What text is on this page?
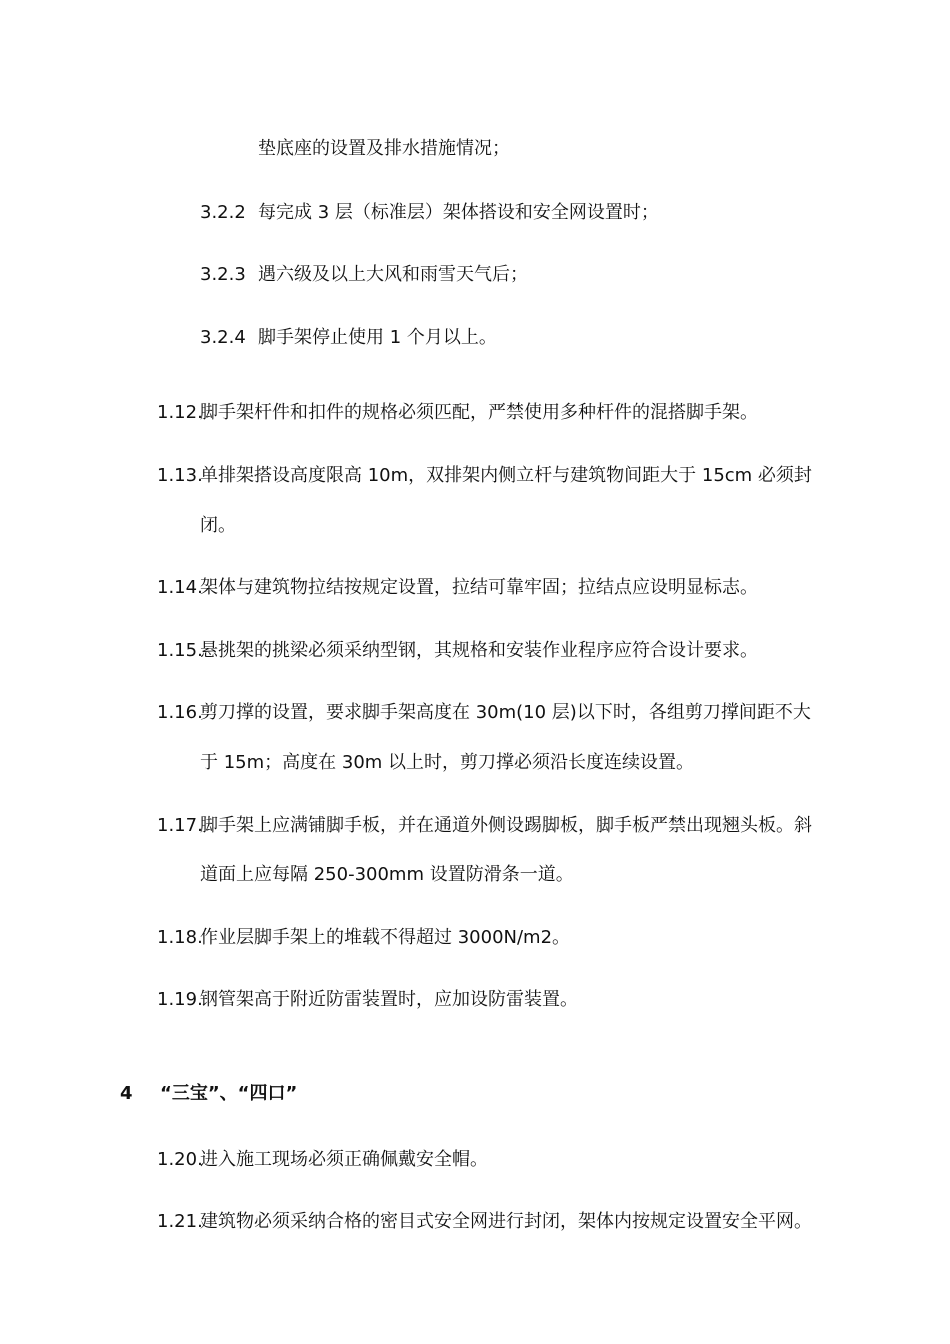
垫底座的设置及排水措施情况；
3.2.2 每完成 3 层（标准层）架体搭设和安全网设置时；
3.2.3 遇六级及以上大风和雨雪天气后；
3.2.4 脚手架停止使用 1 个月以上。
1.12.
脚手架杆件和扣件的规格必须匹配，严禁使用多种杆件的混搭脚手架。
1.13.
单排架搭设高度限高 10m，双排架内侧立杆与建筑物间距大于 15cm 必须封
闭。
1.14.
架体与建筑物拉结按规定设置，拉结可靠牢固；拉结点应设明显标志。
1.15.
悬挑架的挑梁必须采纳型钢，其规格和安装作业程序应符合设计要求。
1.16.
剪刀撑的设置，要求脚手架高度在 30m(10 层)以下时，各组剪刀撑间距不大
于 15m；高度在 30m 以上时，剪刀撑必须沿长度连续设置。
1.17.
脚手架上应满铺脚手板，并在通道外侧设踢脚板，脚手板严禁出现翘头板。斜
道面上应每隔 250-300mm 设置防滑条一道。
1.18.
作业层脚手架上的堆载不得超过 3000N/m2。
1.19.
钢管架高于附近防雷装置时，应加设防雷装置。
4 “三宝”、“四口”
1.20.
进入施工现场必须正确佩戴安全帽。
1.21.
建筑物必须采纳合格的密目式安全网进行封闭，架体内按规定设置安全平网。
